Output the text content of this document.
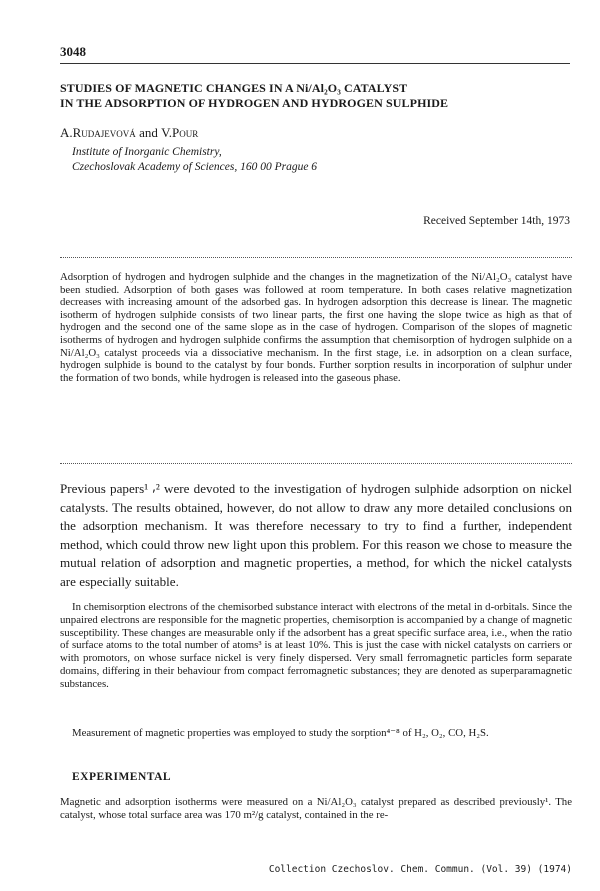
3048
STUDIES OF MAGNETIC CHANGES IN A Ni/Al₂O₃ CATALYST
IN THE ADSORPTION OF HYDROGEN AND HYDROGEN SULPHIDE
A.Rudajevová and V.Pour
Institute of Inorganic Chemistry,
Czechoslovak Academy of Sciences, 160 00 Prague 6
Received September 14th, 1973
Adsorption of hydrogen and hydrogen sulphide and the changes in the magnetization of the Ni/Al₂O₃ catalyst have been studied. Adsorption of both gases was followed at room temperature. In both cases relative magnetization decreases with increasing amount of the adsorbed gas. In hydrogen adsorption this decrease is linear. The magnetic isotherm of hydrogen sulphide consists of two linear parts, the first one having the slope twice as high as that of hydrogen and the second one of the same slope as in the case of hydrogen. Comparison of the slopes of magnetic isotherms of hydrogen and hydrogen sulphide confirms the assumption that chemisorption of hydrogen sulphide on a Ni/Al₂O₃ catalyst proceeds via a dissociative mechanism. In the first stage, i.e. in adsorption on a clean surface, hydrogen sulphide is bound to the catalyst by four bonds. Further sorption results in incorporation of sulphur under the formation of two bonds, while hydrogen is released into the gaseous phase.
Previous papers¹ ⸴² were devoted to the investigation of hydrogen sulphide adsorption on nickel catalysts. The results obtained, however, do not allow to draw any more detailed conclusions on the adsorption mechanism. It was therefore necessary to try to find a further, independent method, which could throw new light upon this problem. For this reason we chose to measure the mutual relation of adsorption and magnetic properties, a method, for which the nickel catalysts are especially suitable.
In chemisorption electrons of the chemisorbed substance interact with electrons of the metal in d-orbitals. Since the unpaired electrons are responsible for the magnetic properties, chemisorption is accompanied by a change of magnetic susceptibility. These changes are measurable only if the adsorbent has a great specific surface area, i.e., when the ratio of surface atoms to the total number of atoms³ is at least 10%. This is just the case with nickel catalysts on carriers or with promotors, on whose surface nickel is very finely dispersed. Very small ferromagnetic particles form separate domains, differing in their behaviour from compact ferromagnetic substances; they are denoted as superparamagnetic substances.
Measurement of magnetic properties was employed to study the sorption⁴⁻⁸ of H₂, O₂, CO, H₂S.
EXPERIMENTAL
Magnetic and adsorption isotherms were measured on a Ni/Al₂O₃ catalyst prepared as described previously¹. The catalyst, whose total surface area was 170 m²/g catalyst, contained in the re-
Collection Czechoslov. Chem. Commun. (Vol. 39) (1974)
